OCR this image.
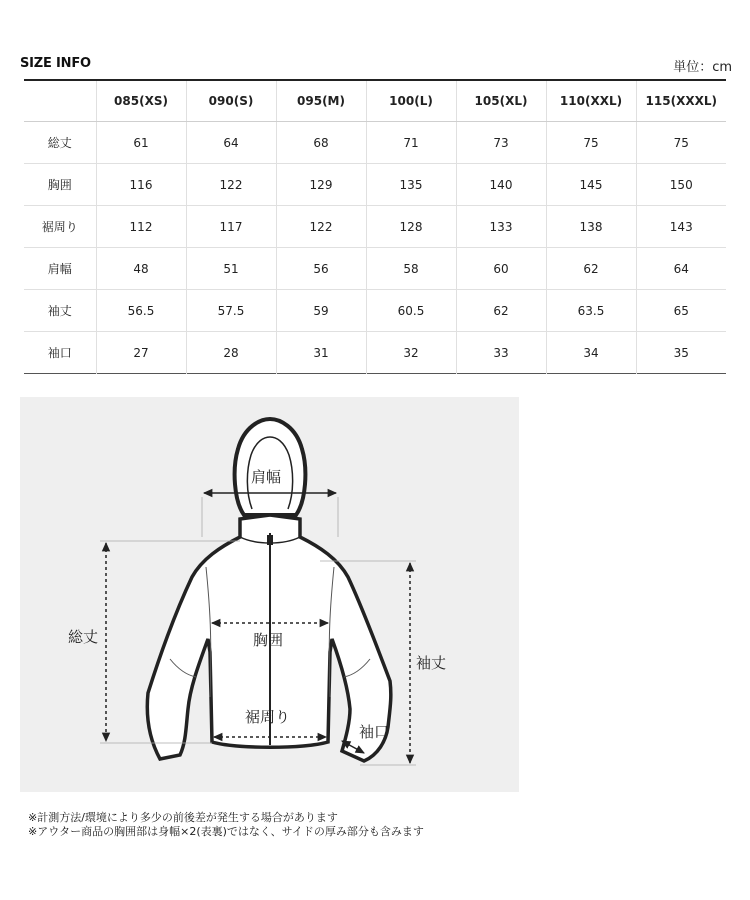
SIZE INFO	単位：cm
	085(XS)	090(S)	095(M)	100(L)	105(XL)	110(XXL)	115(XXXL)
総丈	61	64	68	71	73	75	75
胸囲	116	122	129	135	140	145	150
裾周り	112	117	122	128	133	138	143
肩幅	48	51	56	58	60	62	64
袖丈	56.5	57.5	59	60.5	62	63.5	65
袖口	27	28	31	32	33	34	35
肩幅
総丈	胸囲
袖丈
裾周り
袖口
※計測方法/環境により多少の前後差が発生する場合があります
※アウター商品の胸囲部は身幅×2(表裏)ではなく、サイドの厚み部分も含みます
